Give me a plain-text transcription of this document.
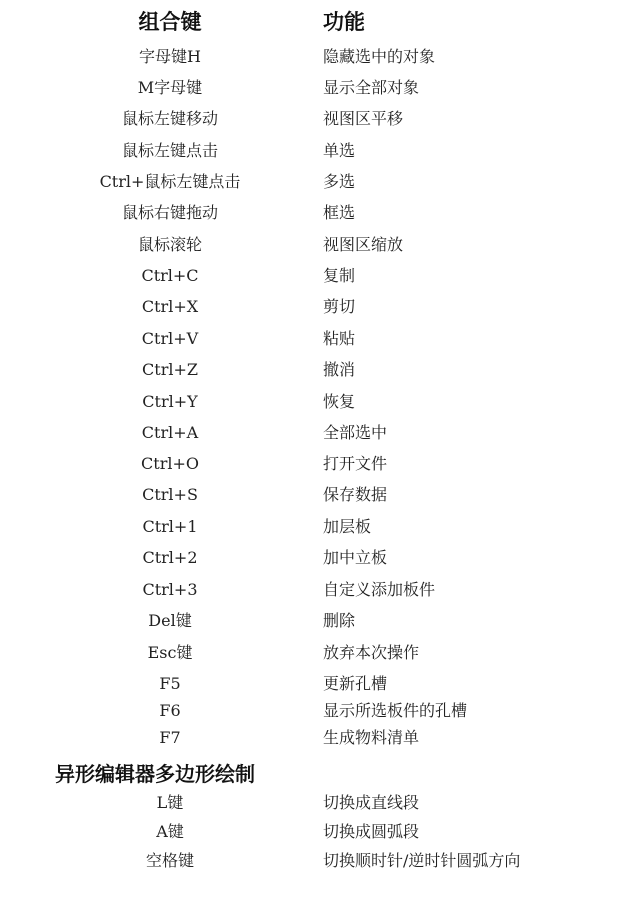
组合键	功能
字母键H	隐藏选中的对象
M字母键	显示全部对象
鼠标左键移动	视图区平移
鼠标左键点击	单选
Ctrl+鼠标左键点击	多选
鼠标右键拖动	框选
鼠标滚轮	视图区缩放
Ctrl+C	复制
Ctrl+X	剪切
Ctrl+V	粘贴
Ctrl+Z	撤消
Ctrl+Y	恢复
Ctrl+A	全部选中
Ctrl+O	打开文件
Ctrl+S	保存数据
Ctrl+1	加层板
Ctrl+2	加中立板
Ctrl+3	自定义添加板件
Del键	删除
Esc键	放弃本次操作
F5	更新孔槽
F6	显示所选板件的孔槽
F7	生成物料清单
异形编辑器多边形绘制
L键	切换成直线段
A键	切换成圆弧段
空格键	切换顺时针/逆时针圆弧方向
